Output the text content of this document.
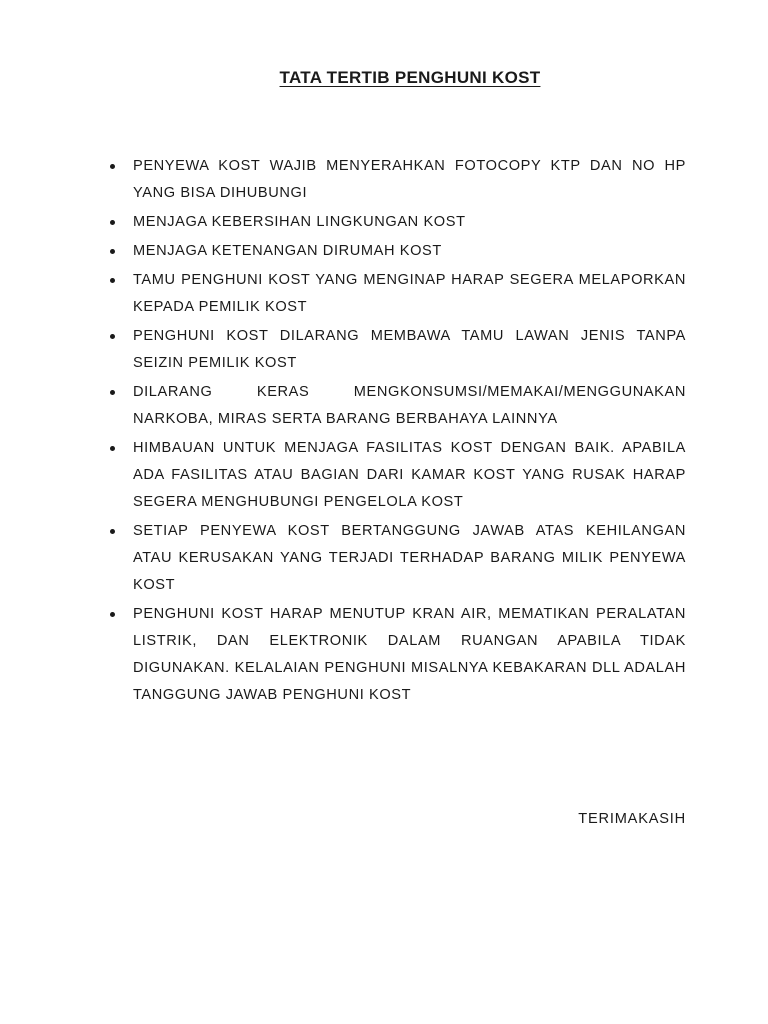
TATA TERTIB PENGHUNI KOST
PENYEWA KOST WAJIB MENYERAHKAN FOTOCOPY KTP DAN NO HP YANG BISA DIHUBUNGI
MENJAGA KEBERSIHAN LINGKUNGAN KOST
MENJAGA KETENANGAN DIRUMAH KOST
TAMU PENGHUNI KOST YANG MENGINAP HARAP SEGERA MELAPORKAN KEPADA PEMILIK KOST
PENGHUNI KOST DILARANG MEMBAWA TAMU LAWAN JENIS TANPA SEIZIN PEMILIK KOST
DILARANG KERAS MENGKONSUMSI/MEMAKAI/MENGGUNAKAN NARKOBA, MIRAS SERTA BARANG BERBAHAYA LAINNYA
HIMBAUAN UNTUK MENJAGA FASILITAS KOST DENGAN BAIK. APABILA ADA FASILITAS ATAU BAGIAN DARI KAMAR KOST YANG RUSAK HARAP SEGERA MENGHUBUNGI PENGELOLA KOST
SETIAP PENYEWA KOST BERTANGGUNG JAWAB ATAS KEHILANGAN ATAU KERUSAKAN YANG TERJADI TERHADAP BARANG MILIK PENYEWA KOST
PENGHUNI KOST HARAP MENUTUP KRAN AIR, MEMATIKAN PERALATAN LISTRIK, DAN ELEKTRONIK DALAM RUANGAN APABILA TIDAK DIGUNAKAN. KELALAIAN PENGHUNI MISALNYA KEBAKARAN DLL ADALAH TANGGUNG JAWAB PENGHUNI KOST

TERIMAKASIH
